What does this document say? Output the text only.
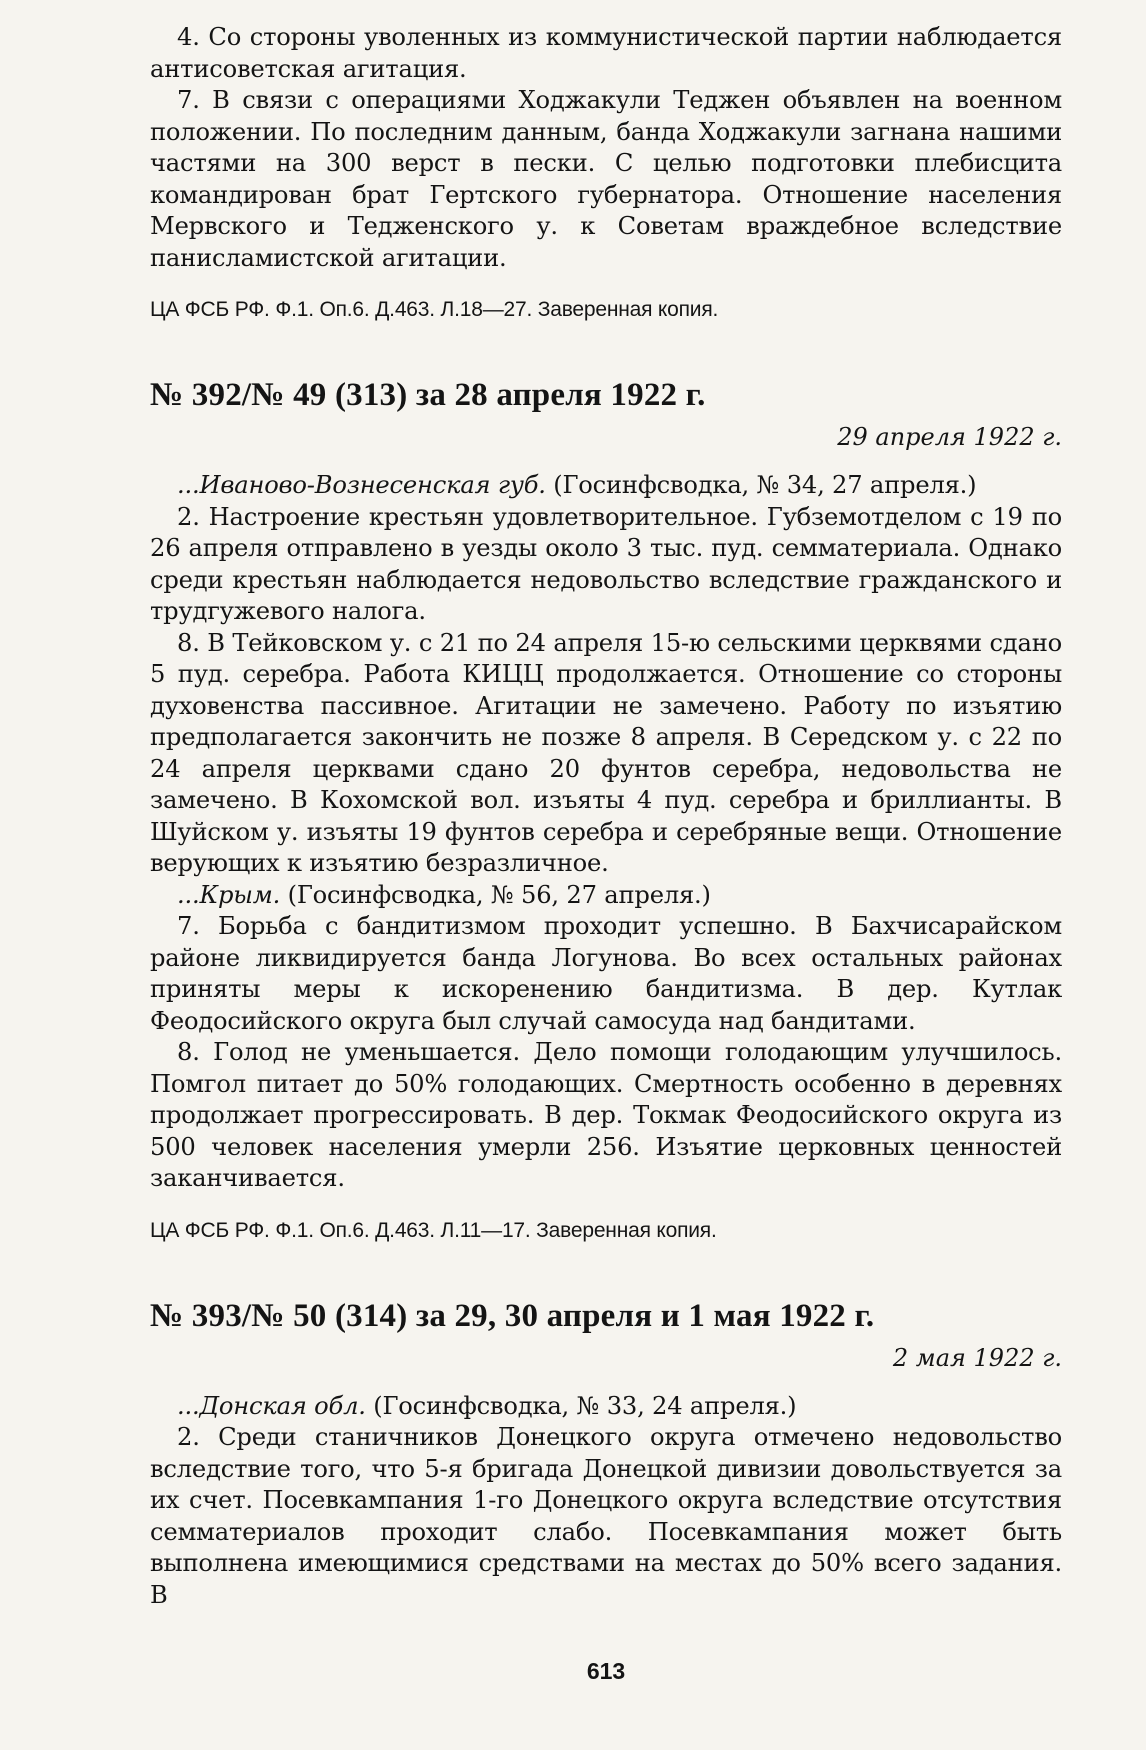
4. Со стороны уволенных из коммунистической партии наблюдается антисоветская агитация.

7. В связи с операциями Ходжакули Теджен объявлен на военном положении. По последним данным, банда Ходжакули загнана нашими частями на 300 верст в пески. С целью подготовки плебисцита командирован брат Гертского губернатора. Отношение населения Мервского и Тедженского у. к Советам враждебное вследствие панисламистской агитации.

ЦА ФСБ РФ. Ф.1. Оп.6. Д.463. Л.18—27. Заверенная копия.

№ 392/№ 49 (313) за 28 апреля 1922 г.

29 апреля 1922 г.

...Иваново-Вознесенская губ. (Госинфсводка, № 34, 27 апреля.)

2. Настроение крестьян удовлетворительное. Губземотделом с 19 по 26 апреля отправлено в уезды около 3 тыс. пуд. семматериала. Однако среди крестьян наблюдается недовольство вследствие гражданского и трудгужевого налога.

8. В Тейковском у. с 21 по 24 апреля 15-ю сельскими церквями сдано 5 пуд. серебра. Работа КИЦЦ продолжается. Отношение со стороны духовенства пассивное. Агитации не замечено. Работу по изъятию предполагается закончить не позже 8 апреля. В Середском у. с 22 по 24 апреля церквами сдано 20 фунтов серебра, недовольства не замечено. В Кохомской вол. изъяты 4 пуд. серебра и бриллианты. В Шуйском у. изъяты 19 фунтов серебра и серебряные вещи. Отношение верующих к изъятию безразличное.

...Крым. (Госинфсводка, № 56, 27 апреля.)

7. Борьба с бандитизмом проходит успешно. В Бахчисарайском районе ликвидируется банда Логунова. Во всех остальных районах приняты меры к искоренению бандитизма. В дер. Кутлак Феодосийского округа был случай самосуда над бандитами.

8. Голод не уменьшается. Дело помощи голодающим улучшилось. Помгол питает до 50% голодающих. Смертность особенно в деревнях продолжает прогрессировать. В дер. Токмак Феодосийского округа из 500 человек населения умерли 256. Изъятие церковных ценностей заканчивается.

ЦА ФСБ РФ. Ф.1. Оп.6. Д.463. Л.11—17. Заверенная копия.

№ 393/№ 50 (314) за 29, 30 апреля и 1 мая 1922 г.

2 мая 1922 г.

...Донская обл. (Госинфсводка, № 33, 24 апреля.)

2. Среди станичников Донецкого округа отмечено недовольство вследствие того, что 5-я бригада Донецкой дивизии довольствуется за их счет. Посевкампания 1-го Донецкого округа вследствие отсутствия семматериалов проходит слабо. Посевкампания может быть выполнена имеющимися средствами на местах до 50% всего задания. В

613
